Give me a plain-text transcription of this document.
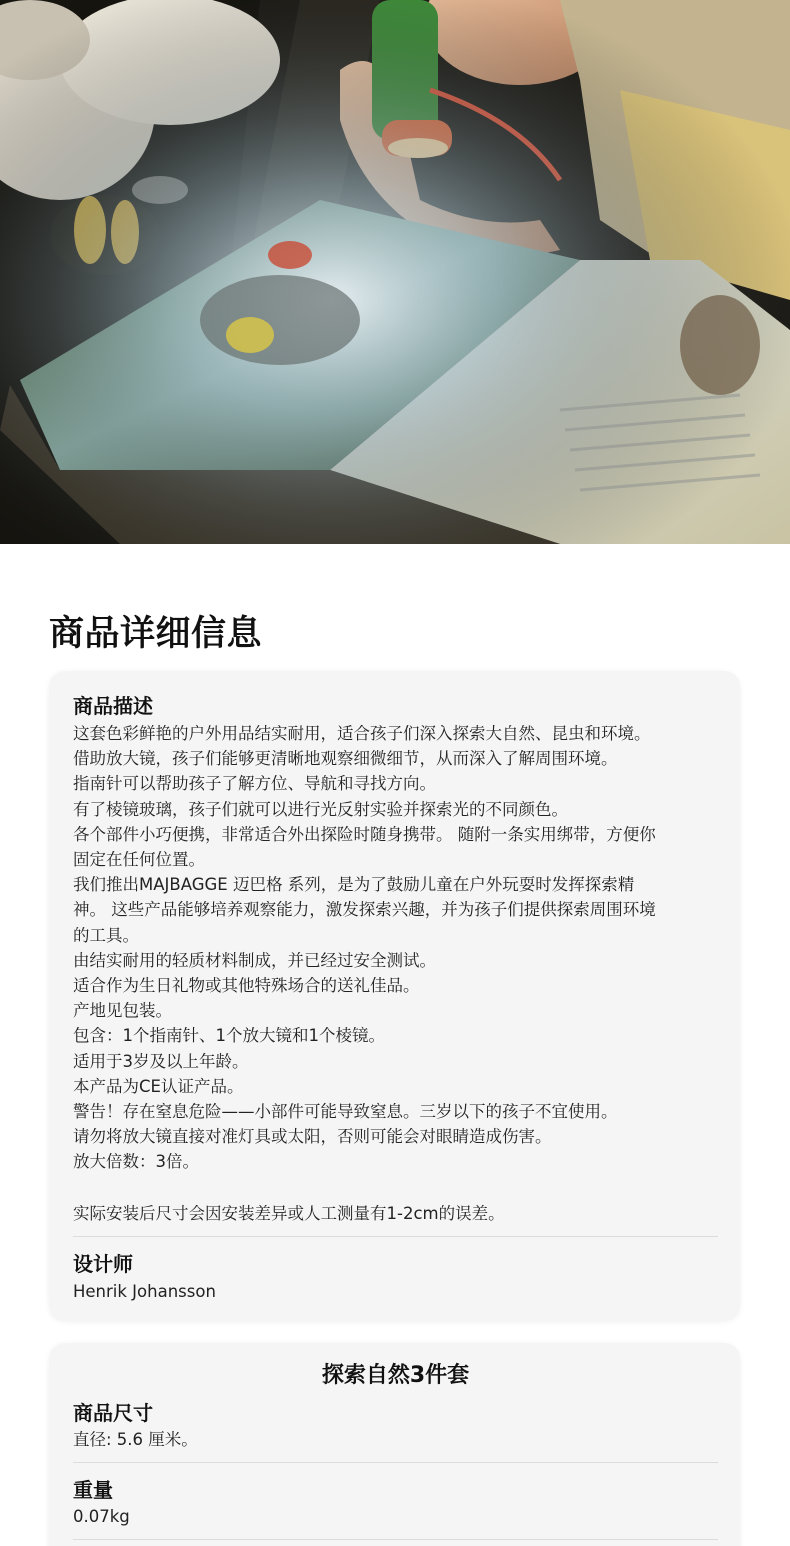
商品详细信息
商品描述
这套色彩鲜艳的户外用品结实耐用，适合孩子们深入探索大自然、昆虫和环境。
借助放大镜，孩子们能够更清晰地观察细微细节，从而深入了解周围环境。
指南针可以帮助孩子了解方位、导航和寻找方向。
有了棱镜玻璃，孩子们就可以进行光反射实验并探索光的不同颜色。
各个部件小巧便携，非常适合外出探险时随身携带。 随附一条实用绑带，方便你
固定在任何位置。
我们推出MAJBAGGE 迈巴格 系列，是为了鼓励儿童在户外玩耍时发挥探索精
神。 这些产品能够培养观察能力，激发探索兴趣，并为孩子们提供探索周围环境
的工具。
由结实耐用的轻质材料制成，并已经过安全测试。
适合作为生日礼物或其他特殊场合的送礼佳品。
产地见包装。
包含：1个指南针、1个放大镜和1个棱镜。
适用于3岁及以上年龄。
本产品为CE认证产品。
警告！存在窒息危险——小部件可能导致窒息。三岁以下的孩子不宜使用。
请勿将放大镜直接对准灯具或太阳，否则可能会对眼睛造成伤害。
放大倍数：3倍。
实际安装后尺寸会因安装差异或人工测量有1-2cm的误差。
设计师
Henrik Johansson
探索自然3件套
商品尺寸
直径: 5.6 厘米。
重量
0.07kg
